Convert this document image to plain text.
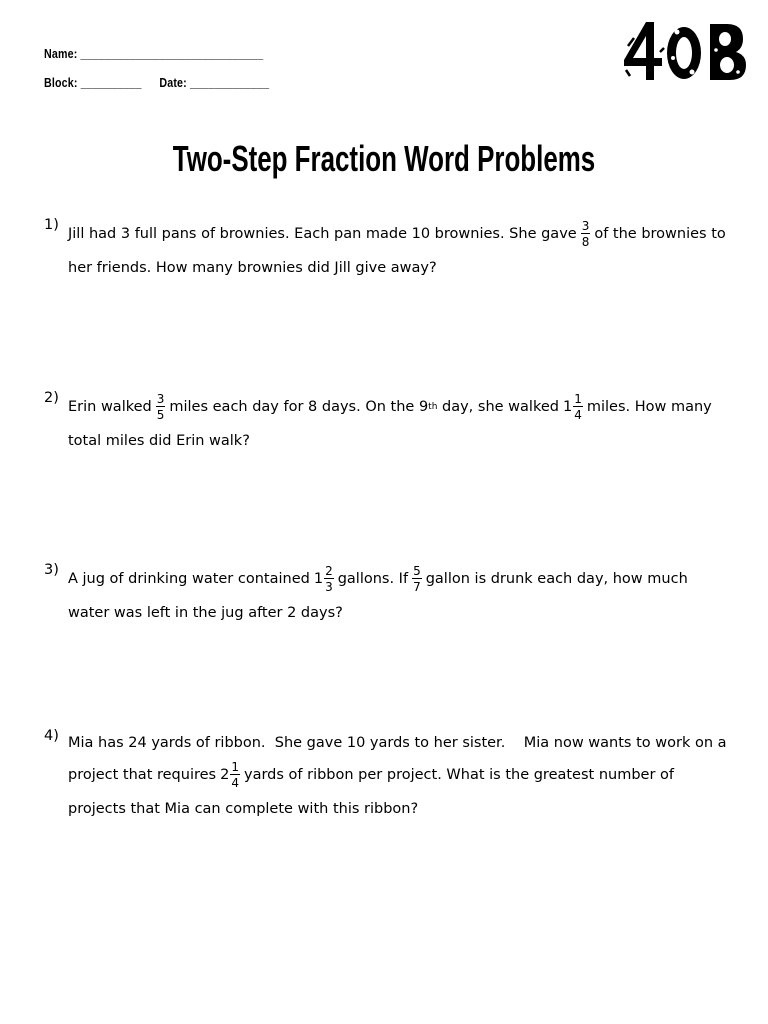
Name: ______________________________
Block: __________ Date: _____________
40B
Two-Step Fraction Word Problems
1)
Jill had 3 full pans of brownies. Each pan made 10 brownies. She gave $\frac{3}{8}$ of the brownies to
her friends. How many brownies did Jill give away?
2)
Erin walked $\frac{3}{5}$ miles each day for 8 days. On the 9 th
day, she walked $1 \frac{1}{4}$ miles. How many
total miles did Erin walk?
3)
A jug of drinking water contained $1 \frac{2}{3}$ gallons. If $\frac{5}{7}$ gallon is drunk each day, how much
water was left in the jug after 2 days?
4) Mia has 24 yards of ribbon.  She gave 10 yards to her sister.    Mia now wants to work on a
project that requires $2 \frac{1}{4}$ yards of ribbon per project. What is the greatest number of
projects that Mia can complete with this ribbon?
